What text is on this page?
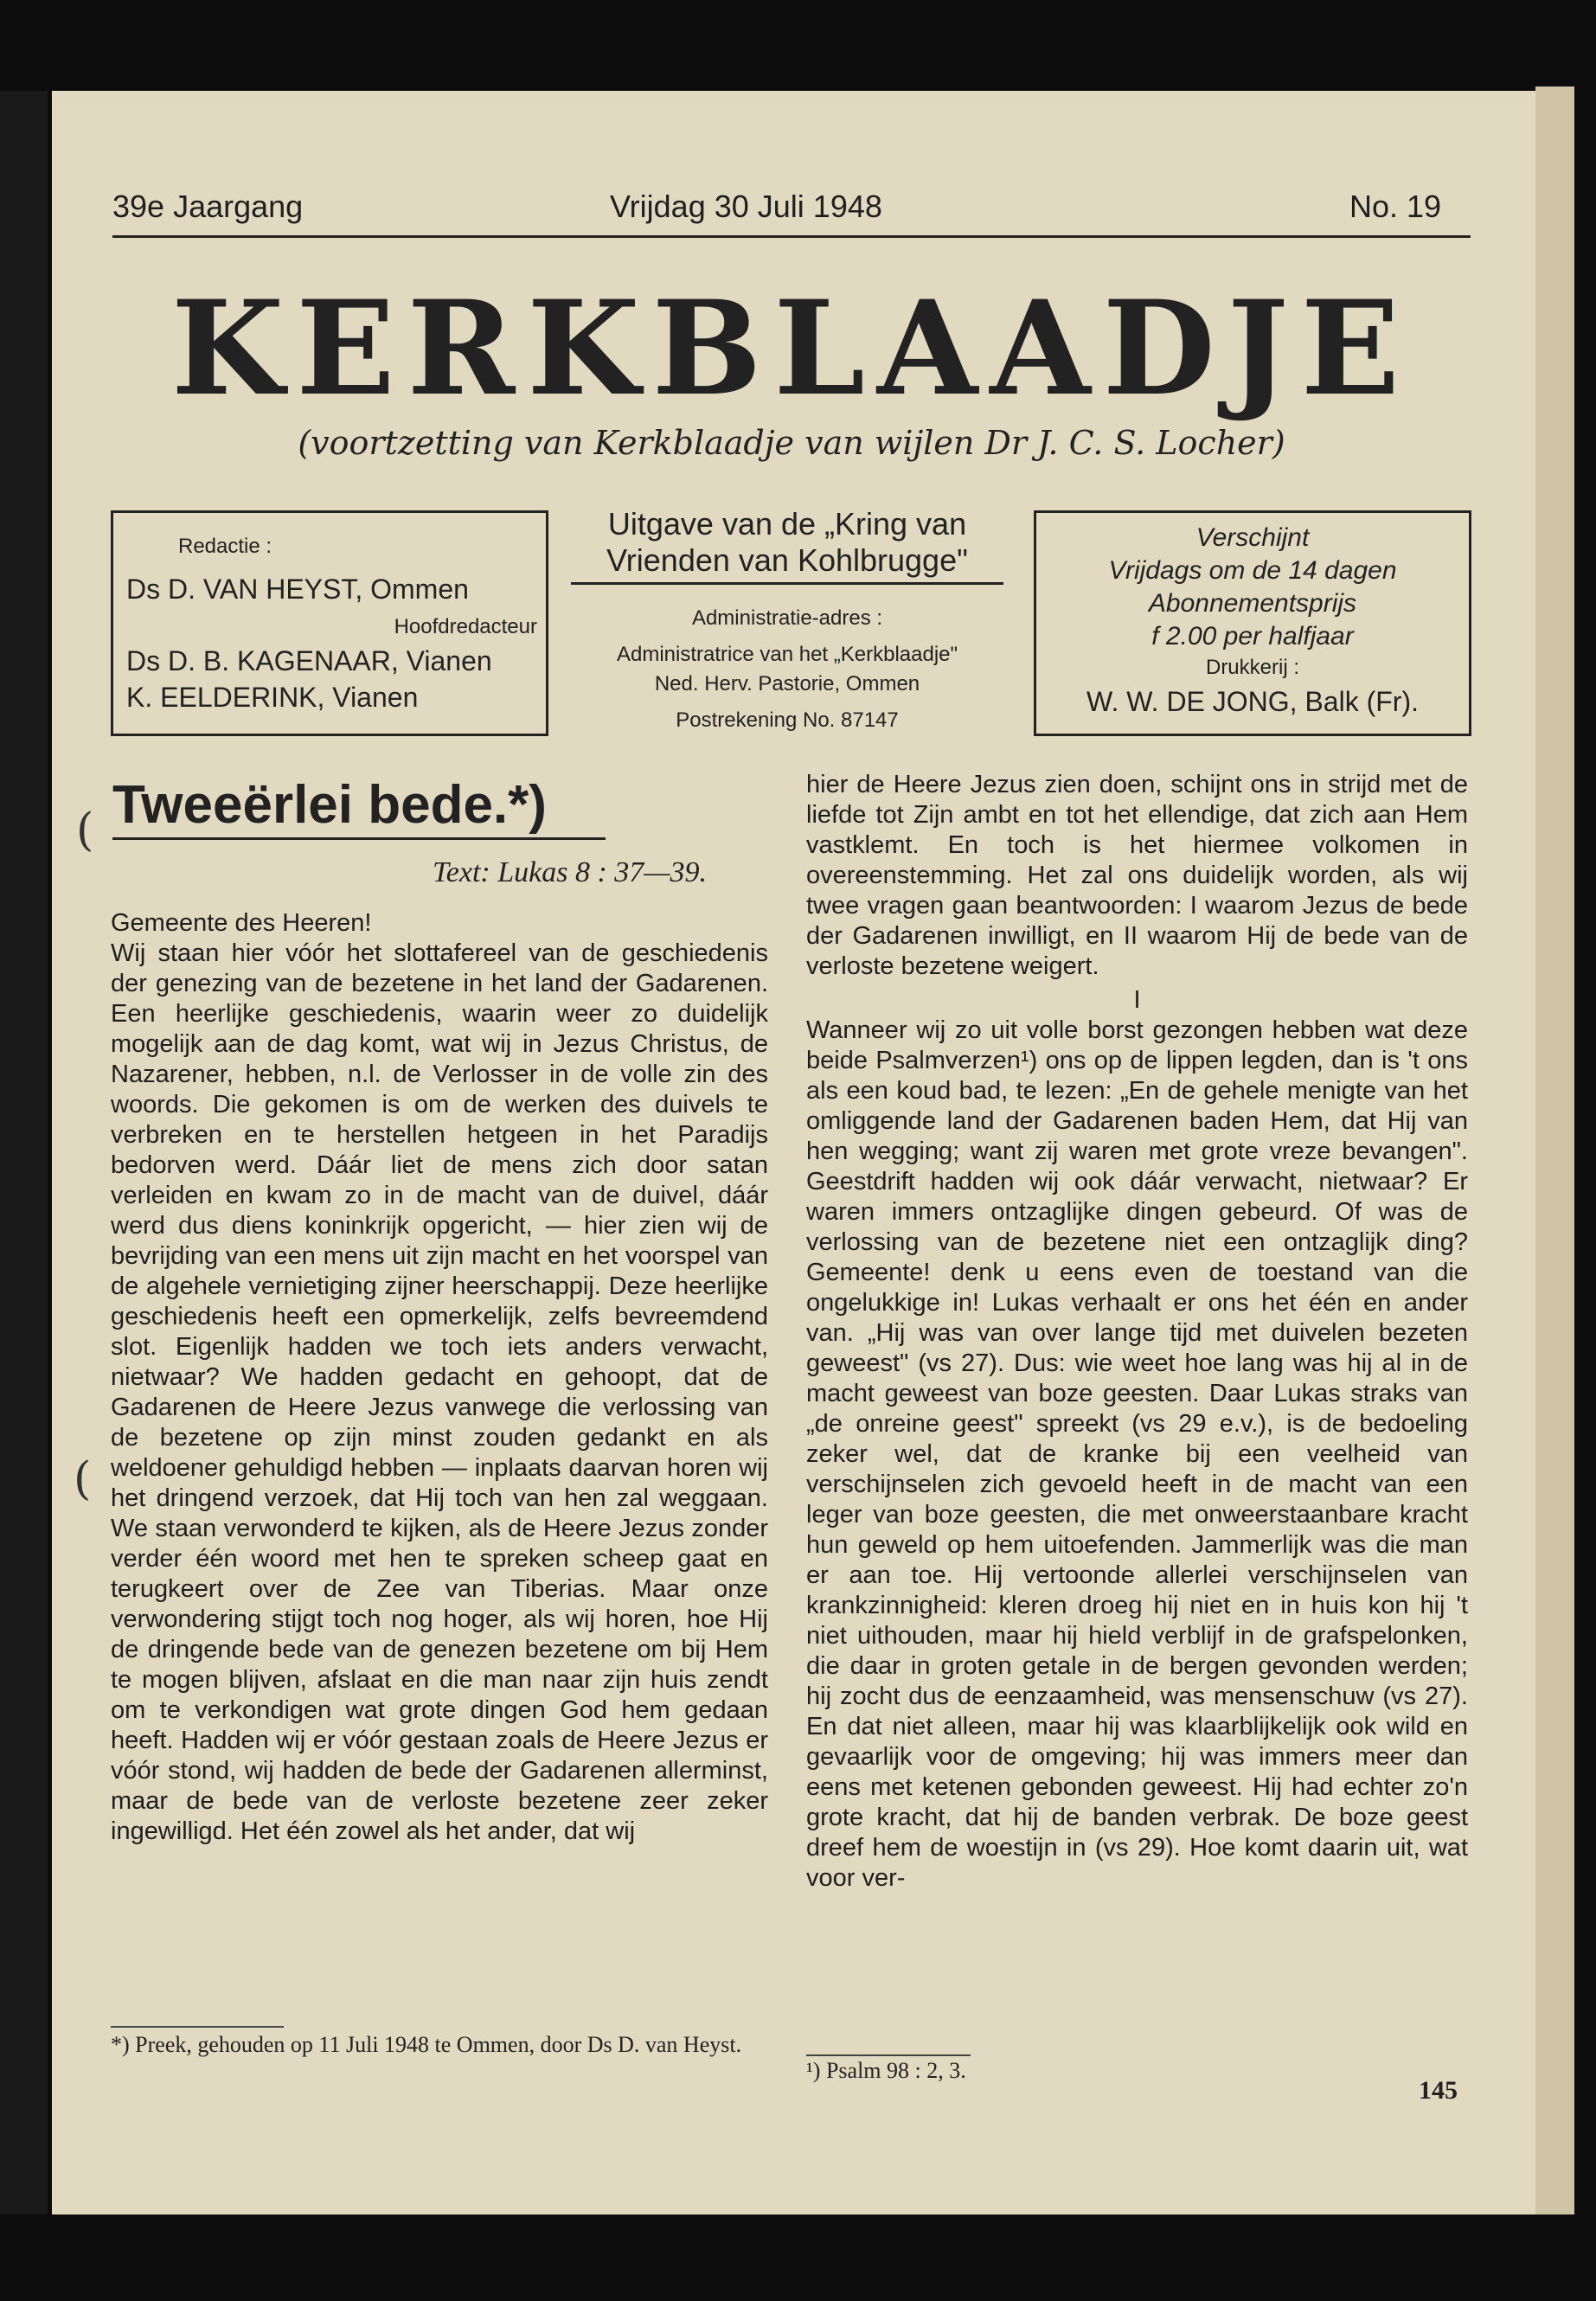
39e Jaargang	Vrijdag 30 Juli 1948	No. 19
KERKBLAADJE
(voortzetting van Kerkblaadje van wijlen Dr J. C. S. Locher)
Redactie :
Ds D. VAN HEYST, Ommen
Hoofdredacteur
Ds D. B. KAGENAAR, Vianen
K. EELDERINK, Vianen
Uitgave van de „Kring van
Vrienden van Kohlbrugge"
Administratie-adres :
Administratrice van het „Kerkblaadje"
Ned. Herv. Pastorie, Ommen
Postrekening No. 87147
Verschijnt
Vrijdags om de 14 dagen
Abonnementsprijs
f 2.00 per halfjaar
Drukkerij :
W. W. DE JONG, Balk (Fr).
Tweeërlei bede.*)
Text: Lukas 8 : 37—39.

Gemeente des Heeren!

Wij staan hier vóór het slottafereel van de geschiedenis der genezing van de bezetene in het land der Gadarenen. Een heerlijke geschiedenis, waarin weer zo duidelijk mogelijk aan de dag komt, wat wij in Jezus Christus, de Nazarener, hebben, n.l. de Verlosser in de volle zin des woords. Die gekomen is om de werken des duivels te verbreken en te herstellen hetgeen in het Paradijs bedorven werd. Dáár liet de mens zich door satan verleiden en kwam zo in de macht van de duivel, dáár werd dus diens koninkrijk opgericht, — hier zien wij de bevrijding van een mens uit zijn macht en het voorspel van de algehele vernietiging zijner heerschappij. Deze heerlijke geschiedenis heeft een opmerkelijk, zelfs bevreemdend slot. Eigenlijk hadden we toch iets anders verwacht, nietwaar? We hadden gedacht en gehoopt, dat de Gadarenen de Heere Jezus vanwege die verlossing van de bezetene op zijn minst zouden gedankt en als weldoener gehuldigd hebben — inplaats daarvan horen wij het dringend verzoek, dat Hij toch van hen zal weggaan. We staan verwonderd te kijken, als de Heere Jezus zonder verder één woord met hen te spreken scheep gaat en terugkeert over de Zee van Tiberias. Maar onze verwondering stijgt toch nog hoger, als wij horen, hoe Hij de dringende bede van de genezen bezetene om bij Hem te mogen blijven, afslaat en die man naar zijn huis zendt om te verkondigen wat grote dingen God hem gedaan heeft. Hadden wij er vóór gestaan zoals de Heere Jezus er vóór stond, wij hadden de bede der Gadarenen allerminst, maar de bede van de verloste bezetene zeer zeker ingewilligd. Het één zowel als het ander, dat wij

*) Preek, gehouden op 11 Juli 1948 te Ommen, door Ds D. van Heyst.

hier de Heere Jezus zien doen, schijnt ons in strijd met de liefde tot Zijn ambt en tot het ellendige, dat zich aan Hem vastklemt. En toch is het hiermee volkomen in overeenstemming. Het zal ons duidelijk worden, als wij twee vragen gaan beantwoorden: I waarom Jezus de bede der Gadarenen inwilligt, en II waarom Hij de bede van de verloste bezetene weigert.

I

Wanneer wij zo uit volle borst gezongen hebben wat deze beide Psalmverzen¹) ons op de lippen legden, dan is 't ons als een koud bad, te lezen: „En de gehele menigte van het omliggende land der Gadarenen baden Hem, dat Hij van hen wegging; want zij waren met grote vreze bevangen". Geestdrift hadden wij ook dáár verwacht, nietwaar? Er waren immers ontzaglijke dingen gebeurd. Of was de verlossing van de bezetene niet een ontzaglijk ding? Gemeente! denk u eens even de toestand van die ongelukkige in! Lukas verhaalt er ons het één en ander van. „Hij was van over lange tijd met duivelen bezeten geweest" (vs 27). Dus: wie weet hoe lang was hij al in de macht geweest van boze geesten. Daar Lukas straks van „de onreine geest" spreekt (vs 29 e.v.), is de bedoeling zeker wel, dat de kranke bij een veelheid van verschijnselen zich gevoeld heeft in de macht van een leger van boze geesten, die met onweerstaanbare kracht hun geweld op hem uitoefenden. Jammerlijk was die man er aan toe. Hij vertoonde allerlei verschijnselen van krankzinnigheid: kleren droeg hij niet en in huis kon hij 't niet uithouden, maar hij hield verblijf in de grafspelonken, die daar in groten getale in de bergen gevonden werden; hij zocht dus de eenzaamheid, was mensenschuw (vs 27). En dat niet alleen, maar hij was klaarblijkelijk ook wild en gevaarlijk voor de omgeving; hij was immers meer dan eens met ketenen gebonden geweest. Hij had echter zo'n grote kracht, dat hij de banden verbrak. De boze geest dreef hem de woestijn in (vs 29). Hoe komt daarin uit, wat voor ver-

¹) Psalm 98 : 2, 3.
145
(
(
